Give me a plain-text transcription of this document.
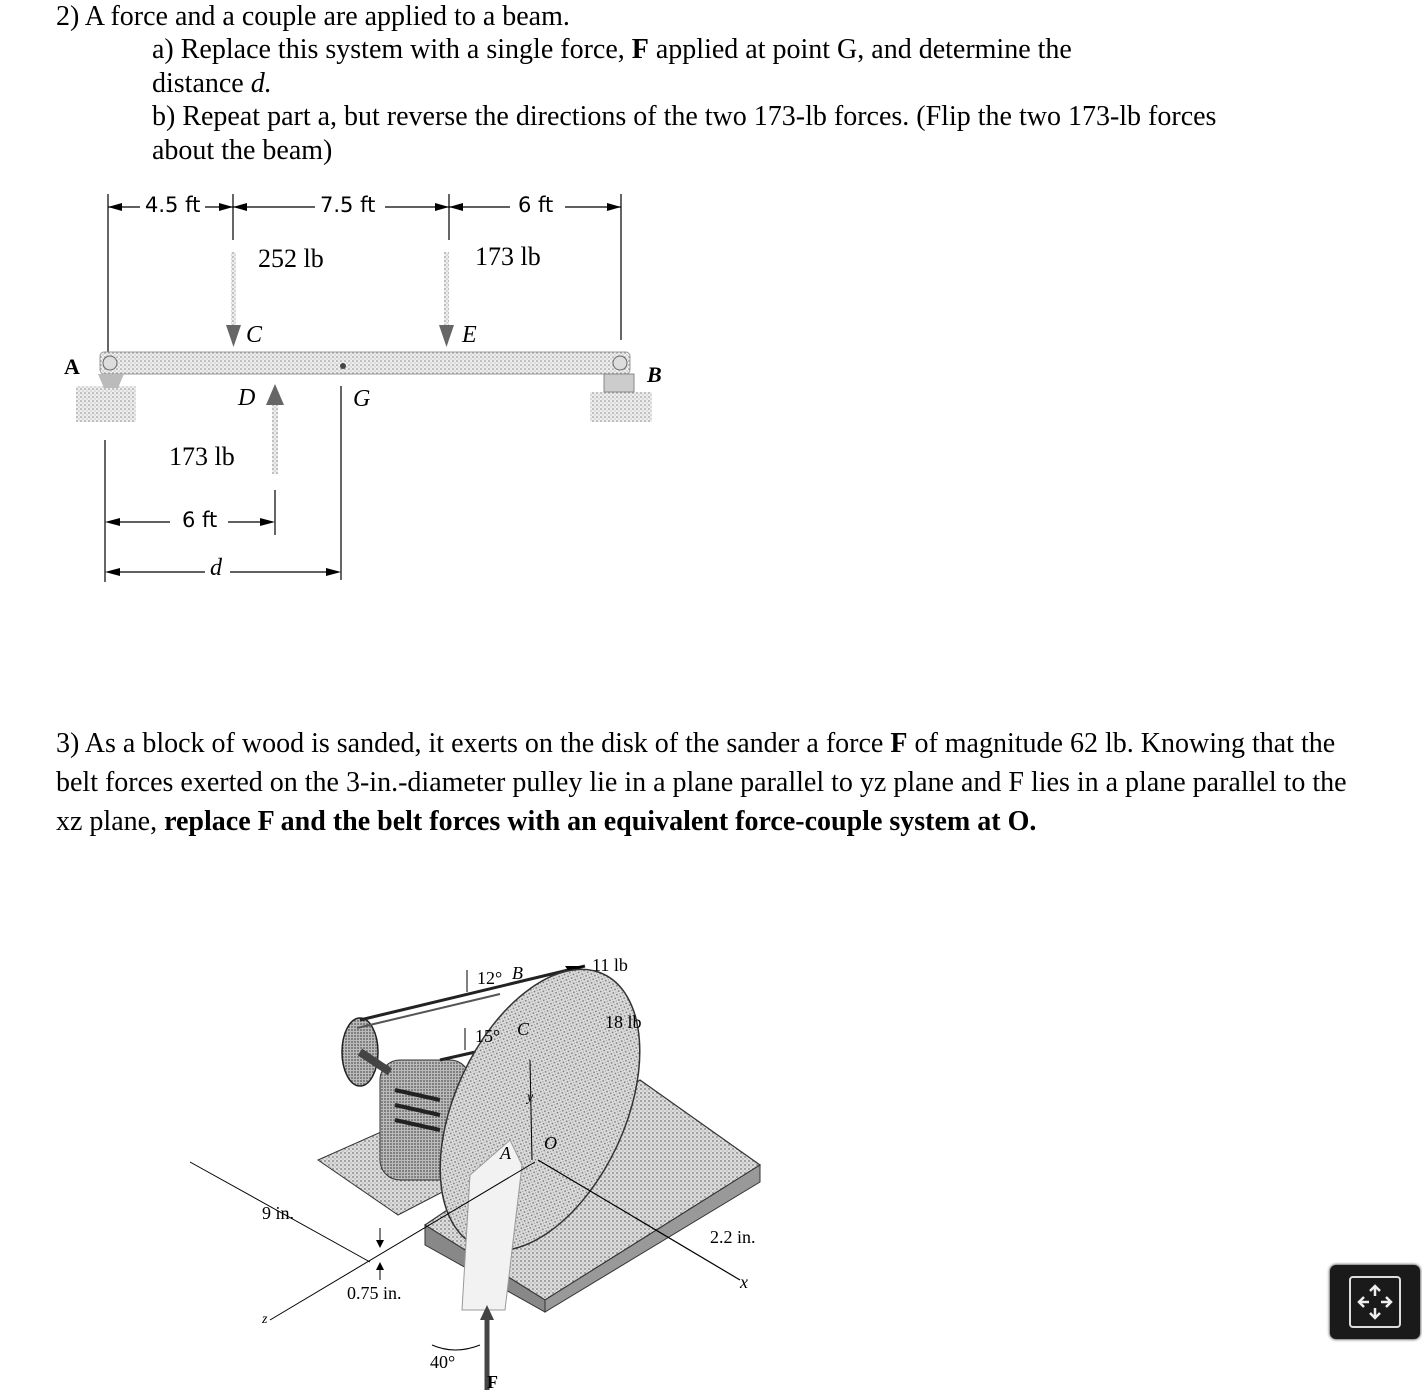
2) A force and a couple are applied to a beam.

a) Replace this system with a single force, F applied at point G, and determine the

distance d.

b) Repeat part a, but reverse the directions of the two 173-lb forces. (Flip the two 173-lb forces

about the beam)

4.5 ft	7.5 ft	6 ft
252 lb	173 lb
C	E
A	B
D	G
173 lb
6 ft
d

3) As a block of wood is sanded, it exerts on the disk of the sander a force F of magnitude 62 lb. Knowing that the belt forces exerted on the 3-in.-diameter pulley lie in a plane parallel to yz plane and F lies in a plane parallel to the xz plane, replace F and the belt forces with an equivalent force-couple system at O.

12° B	11 lb
15° C	18 lb
y
A O
9 in.
2.2 in.
0.75 in.
z
x
40°
F
